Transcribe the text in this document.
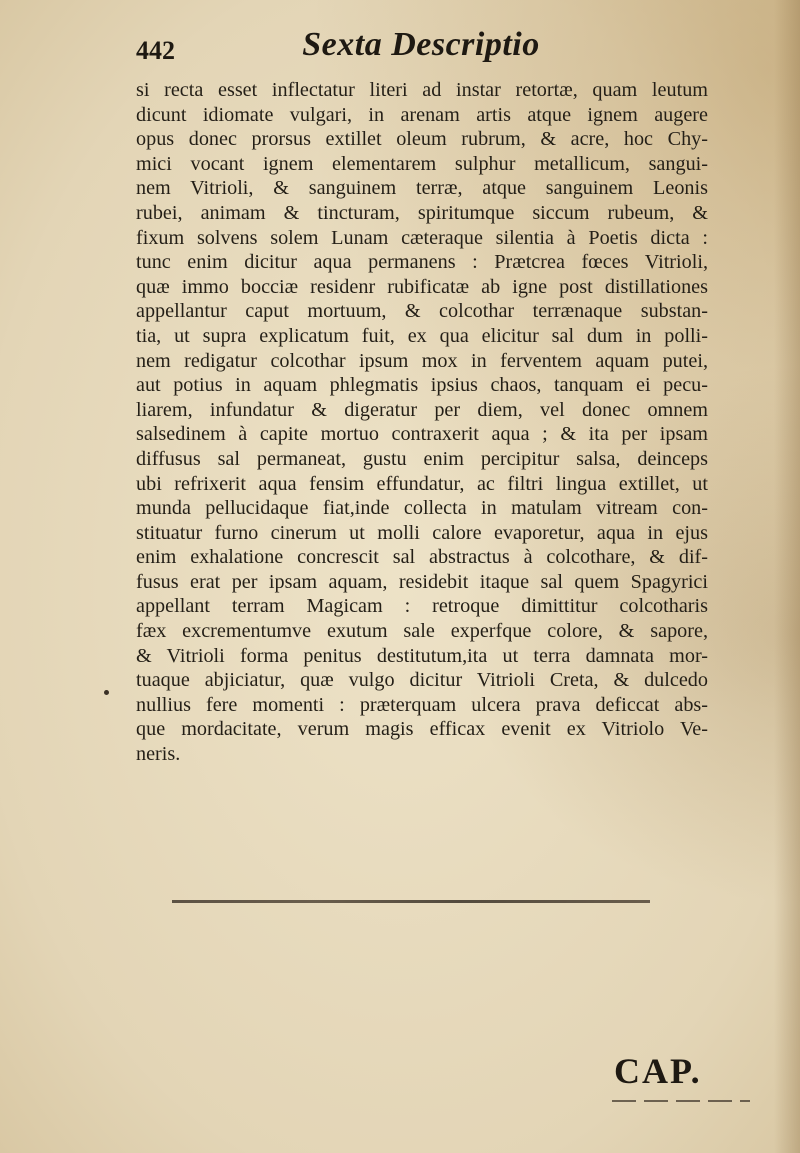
442	Sexta Descriptio
si recta esset inflectatur literi ad instar retortæ, quam leutum
dicunt idiomate vulgari, in arenam artis atque ignem augere
opus donec prorsus extillet oleum rubrum, & acre, hoc Chy-
mici vocant ignem elementarem sulphur metallicum, sangui-
nem Vitrioli, & sanguinem terræ, atque sanguinem Leonis
rubei, animam & tincturam, spiritumque siccum rubeum, &
fixum solvens solem Lunam cæteraque silentia à Poetis dicta :
tunc enim dicitur aqua permanens : Prætcrea fœces Vitrioli,
quæ immo bocciæ residenr rubificatæ ab igne post distillationes
appellantur caput mortuum, & colcothar terrænaque substan-
tia, ut supra explicatum fuit, ex qua elicitur sal dum in polli-
nem redigatur colcothar ipsum mox in ferventem aquam putei,
aut potius in aquam phlegmatis ipsius chaos, tanquam ei pecu-
liarem, infundatur & digeratur per diem, vel donec omnem
salsedinem à capite mortuo contraxerit aqua ; & ita per ipsam
diffusus sal permaneat, gustu enim percipitur salsa, deinceps
ubi refrixerit aqua fensim effundatur, ac filtri lingua extillet, ut
munda pellucidaque fiat,inde collecta in matulam vitream con-
stituatur furno cinerum ut molli calore evaporetur, aqua in ejus
enim exhalatione concrescit sal abstractus à colcothare, & dif-
fusus erat per ipsam aquam, residebit itaque sal quem Spagyrici
appellant terram Magicam : retroque dimittitur colcotharis
fæx excrementumve exutum sale experfque colore, & sapore,
& Vitrioli forma penitus destitutum,ita ut terra damnata mor-
tuaque abjiciatur, quæ vulgo dicitur Vitrioli Creta, & dulcedo
nullius fere momenti : præterquam ulcera prava deficcat abs-
que mordacitate, verum magis efficax evenit ex Vitriolo Ve-
neris.
CAP.
